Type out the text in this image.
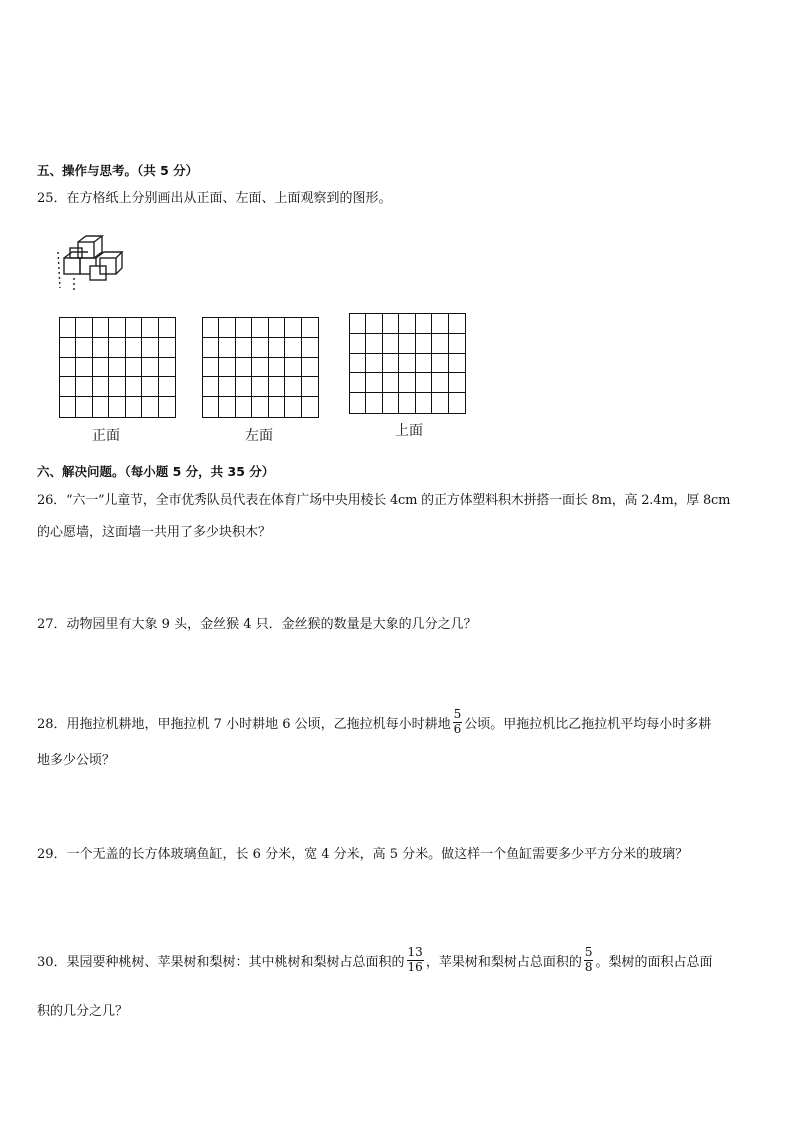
五、操作与思考。（共 5 分）
25．在方格纸上分别画出从正面、左面、上面观察到的图形。
正面	左面	上面
六、解决问题。（每小题 5 分，共 35 分）
26．“六一”儿童节，全市优秀队员代表在体育广场中央用棱长 4cm 的正方体塑料积木拼搭一面长 8m，高 2.4m，厚 8cm
的心愿墙，这面墙一共用了多少块积木？
27．动物园里有大象 9 头，金丝猴 4 只．金丝猴的数量是大象的几分之几？
28．用拖拉机耕地，甲拖拉机 7 小时耕地 6 公顷，乙拖拉机每小时耕地 $\frac{5}{6}$ 公顷。甲拖拉机比乙拖拉机平均每小时多耕
地多少公顷？
29．一个无盖的长方体玻璃鱼缸，长 6 分米，宽 4 分米，高 5 分米。做这样一个鱼缸需要多少平方分米的玻璃？
30．果园要种桃树、苹果树和梨树：其中桃树和梨树占总面积的 $\frac{13}{16}$ ，苹果树和梨树占总面积的 $\frac{5}{8}$ 。梨树的面积占总面
积的几分之几？
